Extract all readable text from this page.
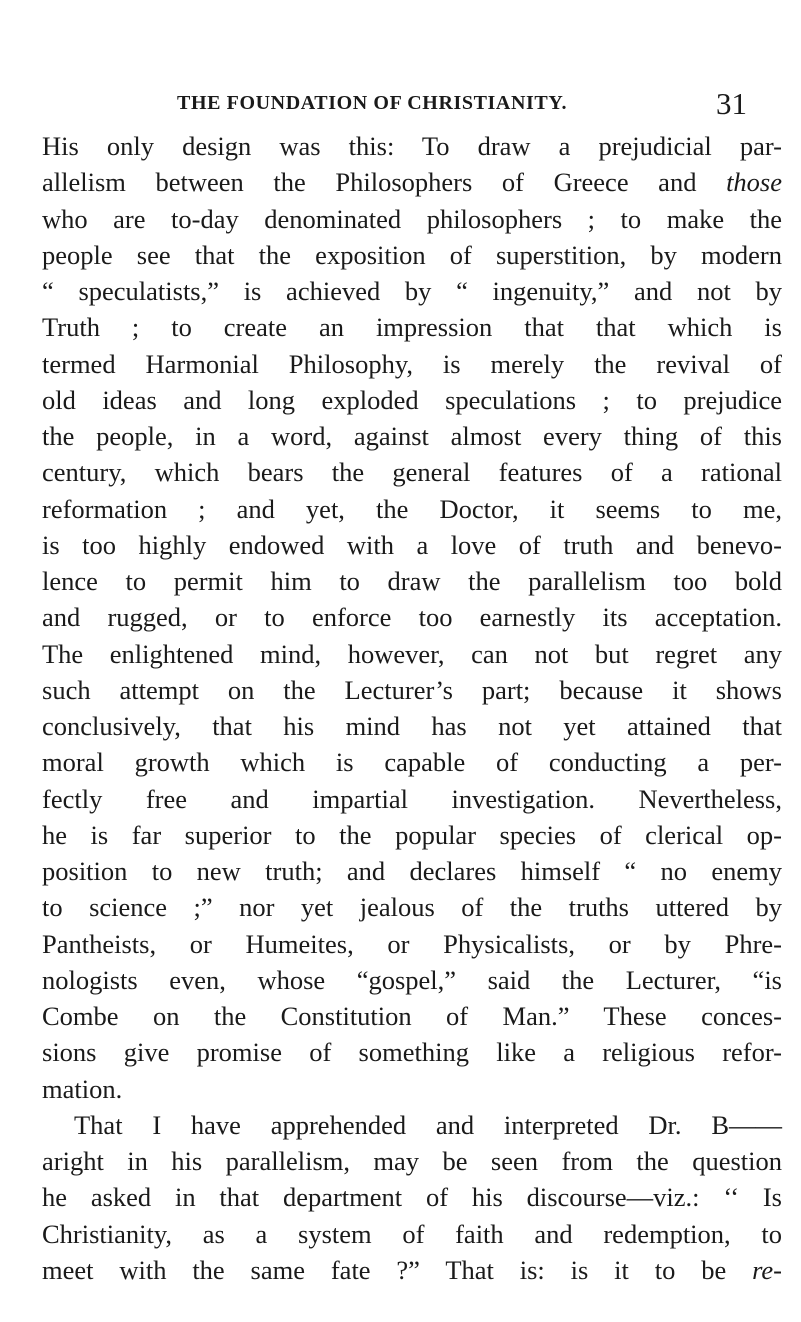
THE FOUNDATION OF CHRISTIANITY.	31
His only design was this: To draw a prejudicial par-
allelism between the Philosophers of Greece and those
who are to-day denominated philosophers ; to make the
people see that the exposition of superstition, by modern
“ speculatists,” is achieved by “ ingenuity,” and not by
Truth ; to create an impression that that which is
termed Harmonial Philosophy, is merely the revival of
old ideas and long exploded speculations ; to prejudice
the people, in a word, against almost every thing of this
century, which bears the general features of a rational
reformation ; and yet, the Doctor, it seems to me,
is too highly endowed with a love of truth and benevo-
lence to permit him to draw the parallelism too bold
and rugged, or to enforce too earnestly its acceptation.
The enlightened mind, however, can not but regret any
such attempt on the Lecturer’s part; because it shows
conclusively, that his mind has not yet attained that
moral growth which is capable of conducting a per-
fectly free and impartial investigation. Nevertheless,
he is far superior to the popular species of clerical op-
position to new truth; and declares himself “ no enemy
to science ;” nor yet jealous of the truths uttered by
Pantheists, or Humeites, or Physicalists, or by Phre-
nologists even, whose “gospel,” said the Lecturer, “is
Combe on the Constitution of Man.” These conces-
sions give promise of something like a religious refor-
mation.
That I have apprehended and interpreted Dr. B——
aright in his parallelism, may be seen from the question
he asked in that department of his discourse—viz.: ‘‘ Is
Christianity, as a system of faith and redemption, to
meet with the same fate ?” That is: is it to be re-
